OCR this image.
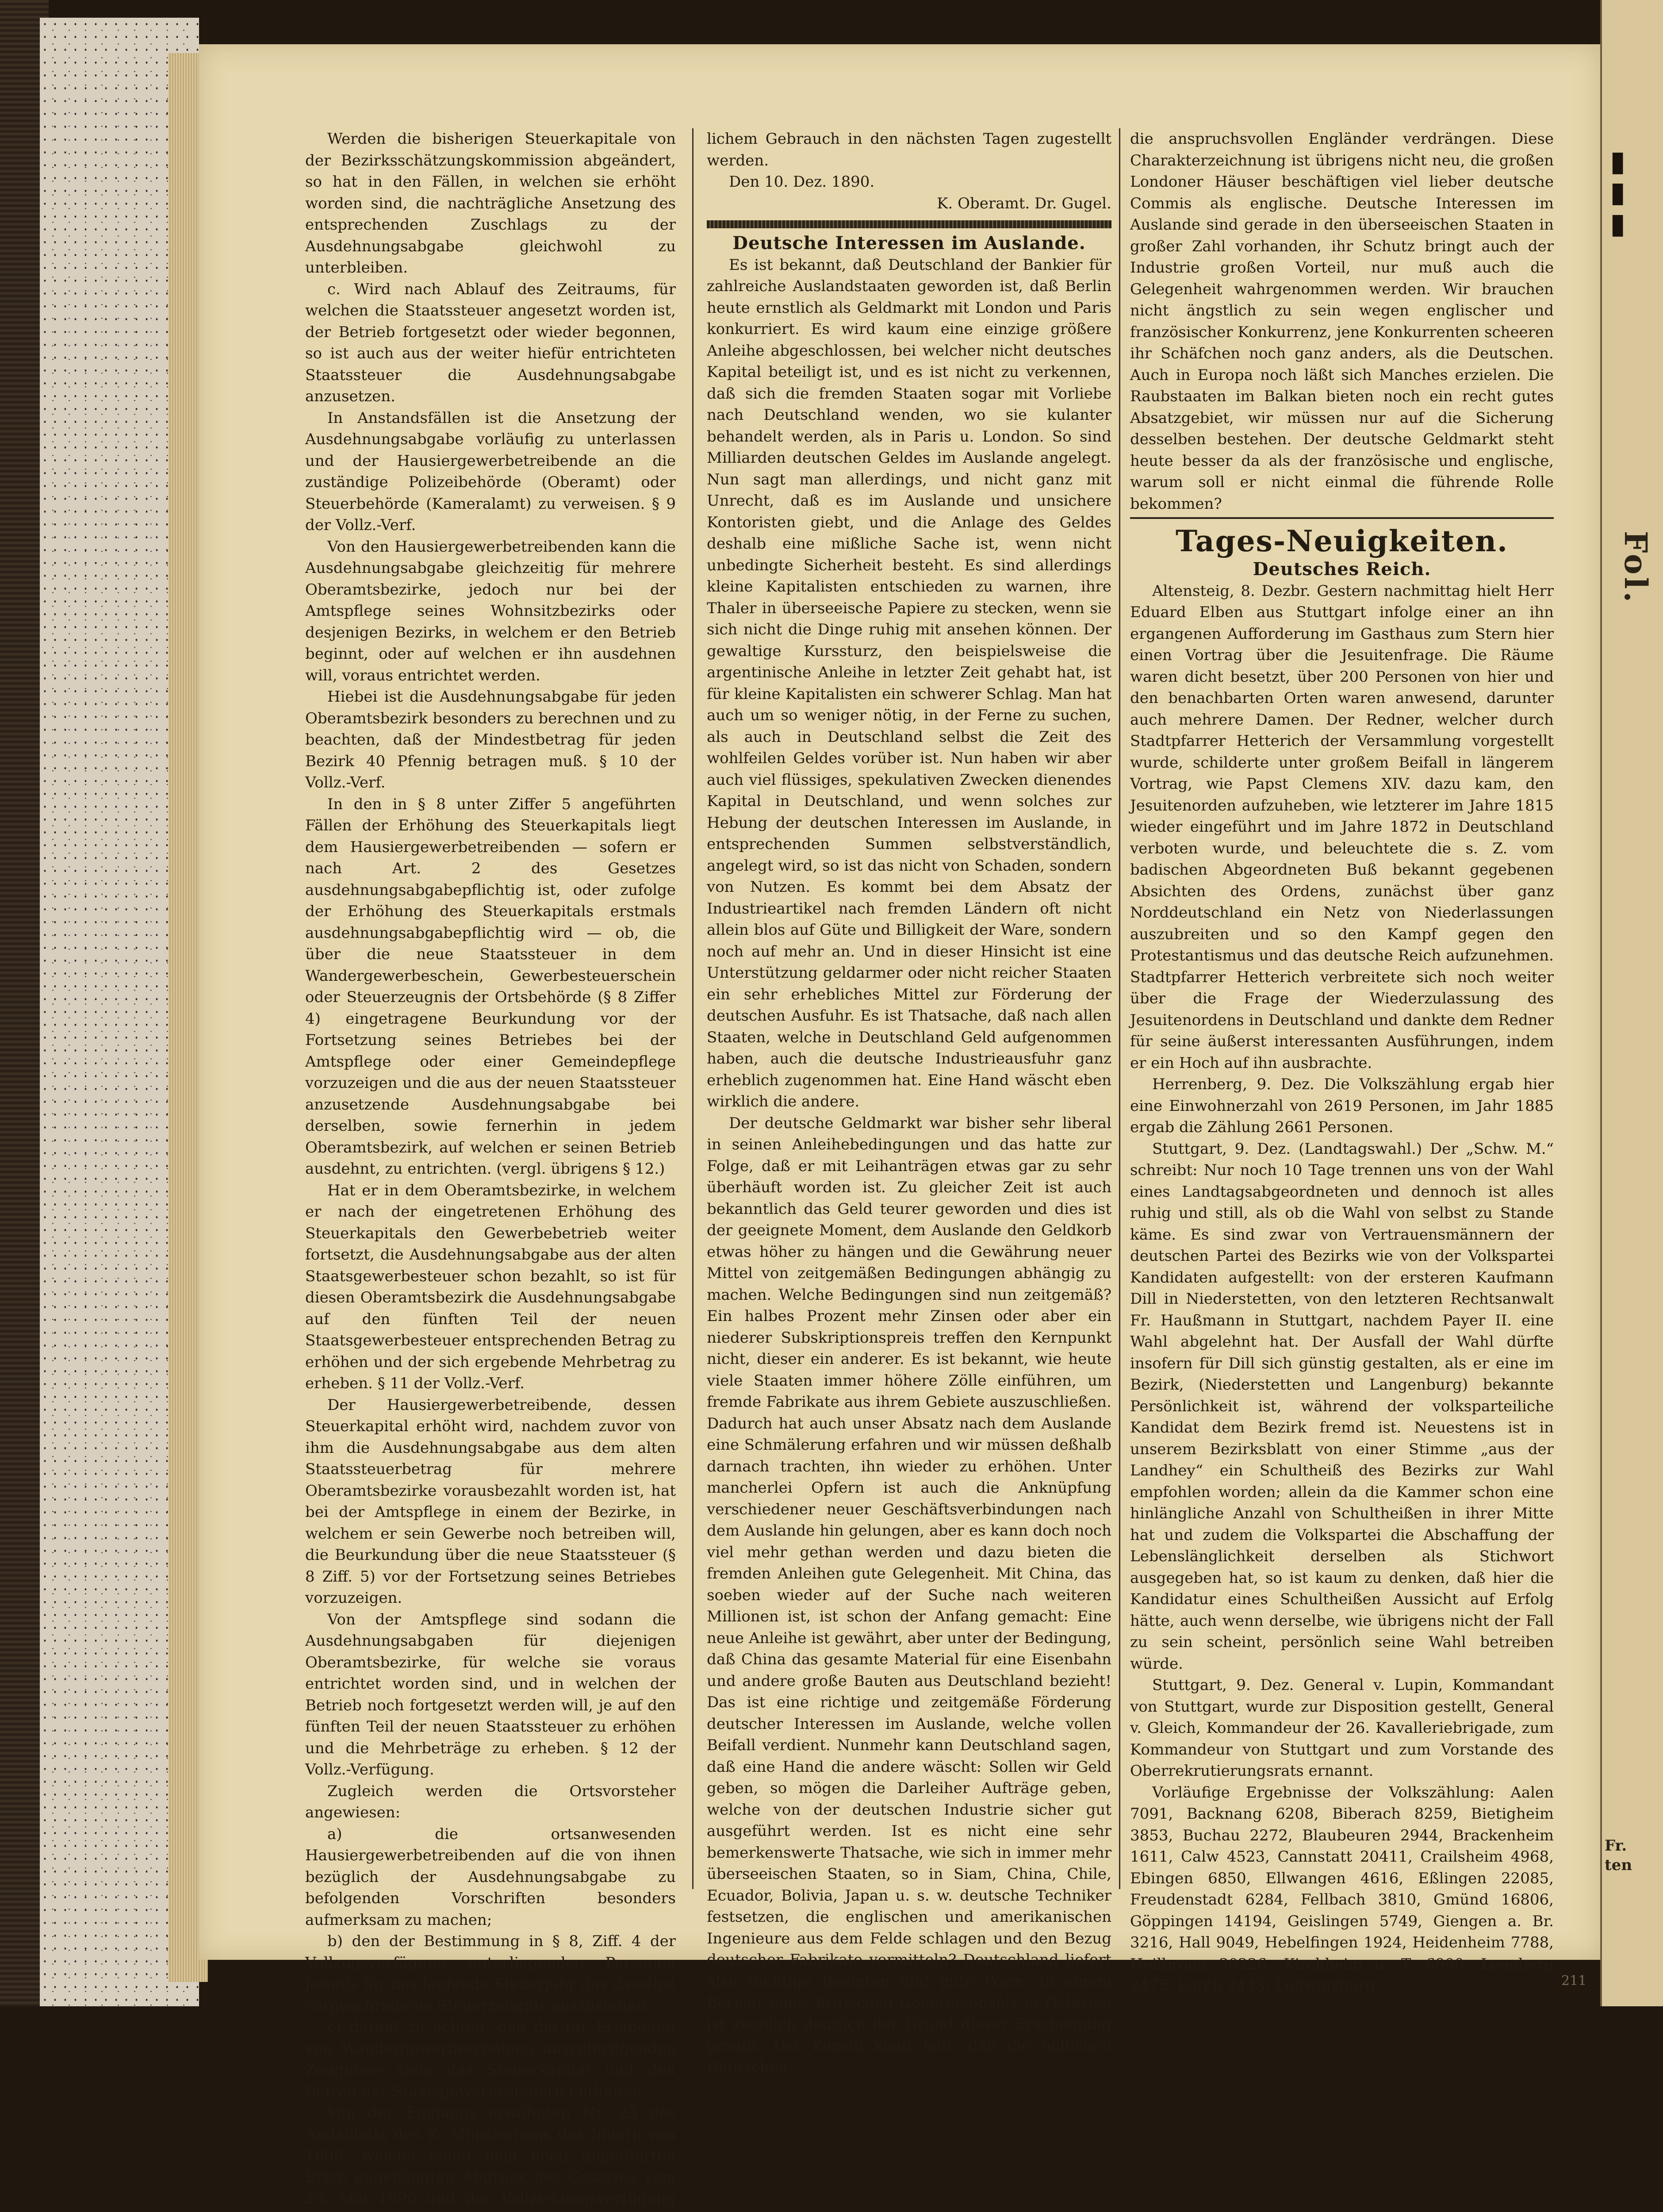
▮
▮
▮
Fr.
ten

Werden die bisherigen Steuerkapitale von der Bezirksschätzungskommission abgeändert, so hat in den Fällen, in welchen sie erhöht worden sind, die nachträgliche Ansetzung des entsprechenden Zuschlags zu der Ausdehnungsabgabe gleichwohl zu unterbleiben.

c. Wird nach Ablauf des Zeitraums, für welchen die Staatssteuer angesetzt worden ist, der Betrieb fortgesetzt oder wieder begonnen, so ist auch aus der weiter hiefür entrichteten Staatssteuer die Ausdehnungsabgabe anzusetzen.

In Anstandsfällen ist die Ansetzung der Ausdehnungsabgabe vorläufig zu unterlassen und der Hausiergewerbetreibende an die zuständige Polizeibehörde (Oberamt) oder Steuerbehörde (Kameralamt) zu verweisen. § 9 der Vollz.-Verf.

Von den Hausiergewerbetreibenden kann die Ausdehnungsabgabe gleichzeitig für mehrere Oberamtsbezirke, jedoch nur bei der Amtspflege seines Wohnsitzbezirks oder desjenigen Bezirks, in welchem er den Betrieb beginnt, oder auf welchen er ihn ausdehnen will, voraus entrichtet werden.

Hiebei ist die Ausdehnungsabgabe für jeden Oberamtsbezirk besonders zu berechnen und zu beachten, daß der Mindestbetrag für jeden Bezirk 40 Pfennig betragen muß. § 10 der Vollz.-Verf.

In den in § 8 unter Ziffer 5 angeführten Fällen der Erhöhung des Steuerkapitals liegt dem Hausiergewerbetreibenden — sofern er nach Art. 2 des Gesetzes ausdehnungsabgabepflichtig ist, oder zufolge der Erhöhung des Steuerkapitals erstmals ausdehnungsabgabepflichtig wird — ob, die über die neue Staatssteuer in dem Wandergewerbeschein, Gewerbesteuerschein oder Steuerzeugnis der Ortsbehörde (§ 8 Ziffer 4) eingetragene Beurkundung vor der Fortsetzung seines Betriebes bei der Amtspflege oder einer Gemeindepflege vorzuzeigen und die aus der neuen Staatssteuer anzusetzende Ausdehnungsabgabe bei derselben, sowie fernerhin in jedem Oberamtsbezirk, auf welchen er seinen Betrieb ausdehnt, zu entrichten. (vergl. übrigens § 12.)

Hat er in dem Oberamtsbezirke, in welchem er nach der eingetretenen Erhöhung des Steuerkapitals den Gewerbebetrieb weiter fortsetzt, die Ausdehnungsabgabe aus der alten Staatsgewerbesteuer schon bezahlt, so ist für diesen Oberamtsbezirk die Ausdehnungsabgabe auf den fünften Teil der neuen Staatsgewerbesteuer entsprechenden Betrag zu erhöhen und der sich ergebende Mehrbetrag zu erheben. § 11 der Vollz.-Verf.

Der Hausiergewerbetreibende, dessen Steuerkapital erhöht wird, nachdem zuvor von ihm die Ausdehnungsabgabe aus dem alten Staatssteuerbetrag für mehrere Oberamtsbezirke vorausbezahlt worden ist, hat bei der Amtspflege in einem der Bezirke, in welchem er sein Gewerbe noch betreiben will, die Beurkundung über die neue Staatssteuer (§ 8 Ziff. 5) vor der Fortsetzung seines Betriebes vorzuzeigen.

Von der Amtspflege sind sodann die Ausdehnungsabgaben für diejenigen Oberamtsbezirke, für welche sie voraus entrichtet worden sind, und in welchen der Betrieb noch fortgesetzt werden will, je auf den fünften Teil der neuen Staatssteuer zu erhöhen und die Mehrbeträge zu erheben. § 12 der Vollz.-Verfügung.

Zugleich werden die Ortsvorsteher angewiesen:

a) die ortsanwesenden Hausiergewerbetreibenden auf die von ihnen bezüglich der Ausdehnungsabgabe zu befolgenden Vorschriften besonders aufmerksam zu machen;

b) den der Bestimmung in § 8, Ziff. 4 der Vollzugsverfügung unterliegenden Personen jeweils für das laufende Steuerjahr das daselbst vorgeschriebene Steuerzeugnis auszustellen;

c) darauf zu achten, daß die für Erlangung von Wandergewerbescheinen auszufertigenden Zeugnisse stets das Steuerkapital und den Betrag der Staatsgewerbesteuern enthalten.

Von der Eingangs erwähnten Nr. 23 des Amtsblatts des K. Ministeriums des Innern von 1890, welche einen dem oben angeführten Erlaß angehängten Abdruck des Gesetzes vom 23. Mai 1890 und der Vollziehungsverfügung

lichem Gebrauch in den nächsten Tagen zugestellt werden.

Den 10. Dez. 1890.

K. Oberamt. Dr. Gugel.

Deutsche Interessen im Auslande.

Es ist bekannt, daß Deutschland der Bankier für zahlreiche Auslandstaaten geworden ist, daß Berlin heute ernstlich als Geldmarkt mit London und Paris konkurriert. Es wird kaum eine einzige größere Anleihe abgeschlossen, bei welcher nicht deutsches Kapital beteiligt ist, und es ist nicht zu verkennen, daß sich die fremden Staaten sogar mit Vorliebe nach Deutschland wenden, wo sie kulanter behandelt werden, als in Paris u. London. So sind Milliarden deutschen Geldes im Auslande angelegt. Nun sagt man allerdings, und nicht ganz mit Unrecht, daß es im Auslande und unsichere Kontoristen giebt, und die Anlage des Geldes deshalb eine mißliche Sache ist, wenn nicht unbedingte Sicherheit besteht. Es sind allerdings kleine Kapitalisten entschieden zu warnen, ihre Thaler in überseeische Papiere zu stecken, wenn sie sich nicht die Dinge ruhig mit ansehen können. Der gewaltige Kurssturz, den beispielsweise die argentinische Anleihe in letzter Zeit gehabt hat, ist für kleine Kapitalisten ein schwerer Schlag. Man hat auch um so weniger nötig, in der Ferne zu suchen, als auch in Deutschland selbst die Zeit des wohlfeilen Geldes vorüber ist. Nun haben wir aber auch viel flüssiges, spekulativen Zwecken dienendes Kapital in Deutschland, und wenn solches zur Hebung der deutschen Interessen im Auslande, in entsprechenden Summen selbstverständlich, angelegt wird, so ist das nicht von Schaden, sondern von Nutzen. Es kommt bei dem Absatz der Industrieartikel nach fremden Ländern oft nicht allein blos auf Güte und Billigkeit der Ware, sondern noch auf mehr an. Und in dieser Hinsicht ist eine Unterstützung geldarmer oder nicht reicher Staaten ein sehr erhebliches Mittel zur Förderung der deutschen Ausfuhr. Es ist Thatsache, daß nach allen Staaten, welche in Deutschland Geld aufgenommen haben, auch die deutsche Industrieausfuhr ganz erheblich zugenommen hat. Eine Hand wäscht eben wirklich die andere.

Der deutsche Geldmarkt war bisher sehr liberal in seinen Anleihebedingungen und das hatte zur Folge, daß er mit Leihanträgen etwas gar zu sehr überhäuft worden ist. Zu gleicher Zeit ist auch bekanntlich das Geld teurer geworden und dies ist der geeignete Moment, dem Auslande den Geldkorb etwas höher zu hängen und die Gewährung neuer Mittel von zeitgemäßen Bedingungen abhängig zu machen. Welche Bedingungen sind nun zeitgemäß? Ein halbes Prozent mehr Zinsen oder aber ein niederer Subskriptionspreis treffen den Kernpunkt nicht, dieser ein anderer. Es ist bekannt, wie heute viele Staaten immer höhere Zölle einführen, um fremde Fabrikate aus ihrem Gebiete auszuschließen. Dadurch hat auch unser Absatz nach dem Auslande eine Schmälerung erfahren und wir müssen deßhalb darnach trachten, ihn wieder zu erhöhen. Unter mancherlei Opfern ist auch die Anknüpfung verschiedener neuer Geschäftsverbindungen nach dem Auslande hin gelungen, aber es kann doch noch viel mehr gethan werden und dazu bieten die fremden Anleihen gute Gelegenheit. Mit China, das soeben wieder auf der Suche nach weiteren Millionen ist, ist schon der Anfang gemacht: Eine neue Anleihe ist gewährt, aber unter der Bedingung, daß China das gesamte Material für eine Eisenbahn und andere große Bauten aus Deutschland bezieht! Das ist eine richtige und zeitgemäße Förderung deutscher Interessen im Auslande, welche vollen Beifall verdient. Nunmehr kann Deutschland sagen, daß eine Hand die andere wäscht: Sollen wir Geld geben, so mögen die Darleiher Aufträge geben, welche von der deutschen Industrie sicher gut ausgeführt werden. Ist es nicht eine sehr bemerkenswerte Thatsache, wie sich in immer mehr überseeischen Staaten, so in Siam, China, Chile, Ecuador, Bolivia, Japan u. s. w. deutsche Techniker festsetzen, die englischen und amerikanischen Ingenieure aus dem Felde schlagen und den Bezug deutscher Fabrikate vermitteln? Deutschland liefert also tüchtige Beamten und gute Ware. In einem Bericht eines britischen Generalkonsuls in Ostasien ist ziemlich deutlich der Grund dieser Erscheinung gesagt. Der Konsul klagt laut, daß die höflichen Deutschen

die anspruchsvollen Engländer verdrängen. Diese Charakterzeichnung ist übrigens nicht neu, die großen Londoner Häuser beschäftigen viel lieber deutsche Commis als englische. Deutsche Interessen im Auslande sind gerade in den überseeischen Staaten in großer Zahl vorhanden, ihr Schutz bringt auch der Industrie großen Vorteil, nur muß auch die Gelegenheit wahrgenommen werden. Wir brauchen nicht ängstlich zu sein wegen englischer und französischer Konkurrenz, jene Konkurrenten scheeren ihr Schäfchen noch ganz anders, als die Deutschen. Auch in Europa noch läßt sich Manches erzielen. Die Raubstaaten im Balkan bieten noch ein recht gutes Absatzgebiet, wir müssen nur auf die Sicherung desselben bestehen. Der deutsche Geldmarkt steht heute besser da als der französische und englische, warum soll er nicht einmal die führende Rolle bekommen?

Tages-Neuigkeiten.

Deutsches Reich.

Altensteig, 8. Dezbr. Gestern nachmittag hielt Herr Eduard Elben aus Stuttgart infolge einer an ihn ergangenen Aufforderung im Gasthaus zum Stern hier einen Vortrag über die Jesuitenfrage. Die Räume waren dicht besetzt, über 200 Personen von hier und den benachbarten Orten waren anwesend, darunter auch mehrere Damen. Der Redner, welcher durch Stadtpfarrer Hetterich der Versammlung vorgestellt wurde, schilderte unter großem Beifall in längerem Vortrag, wie Papst Clemens XIV. dazu kam, den Jesuitenorden aufzuheben, wie letzterer im Jahre 1815 wieder eingeführt und im Jahre 1872 in Deutschland verboten wurde, und beleuchtete die s. Z. vom badischen Abgeordneten Buß bekannt gegebenen Absichten des Ordens, zunächst über ganz Norddeutschland ein Netz von Niederlassungen auszubreiten und so den Kampf gegen den Protestantismus und das deutsche Reich aufzunehmen. Stadtpfarrer Hetterich verbreitete sich noch weiter über die Frage der Wiederzulassung des Jesuitenordens in Deutschland und dankte dem Redner für seine äußerst interessanten Ausführungen, indem er ein Hoch auf ihn ausbrachte.

Herrenberg, 9. Dez. Die Volkszählung ergab hier eine Einwohnerzahl von 2619 Personen, im Jahr 1885 ergab die Zählung 2661 Personen.

Stuttgart, 9. Dez. (Landtagswahl.) Der „Schw. M.“ schreibt: Nur noch 10 Tage trennen uns von der Wahl eines Landtagsabgeordneten und dennoch ist alles ruhig und still, als ob die Wahl von selbst zu Stande käme. Es sind zwar von Vertrauensmännern der deutschen Partei des Bezirks wie von der Volkspartei Kandidaten aufgestellt: von der ersteren Kaufmann Dill in Niederstetten, von den letzteren Rechtsanwalt Fr. Haußmann in Stuttgart, nachdem Payer II. eine Wahl abgelehnt hat. Der Ausfall der Wahl dürfte insofern für Dill sich günstig gestalten, als er eine im Bezirk, (Niederstetten und Langenburg) bekannte Persönlichkeit ist, während der volksparteiliche Kandidat dem Bezirk fremd ist. Neuestens ist in unserem Bezirksblatt von einer Stimme „aus der Landhey“ ein Schultheiß des Bezirks zur Wahl empfohlen worden; allein da die Kammer schon eine hinlängliche Anzahl von Schultheißen in ihrer Mitte hat und zudem die Volkspartei die Abschaffung der Lebenslänglichkeit derselben als Stichwort ausgegeben hat, so ist kaum zu denken, daß hier die Kandidatur eines Schultheißen Aussicht auf Erfolg hätte, auch wenn derselbe, wie übrigens nicht der Fall zu sein scheint, persönlich seine Wahl betreiben würde.

Stuttgart, 9. Dez. General v. Lupin, Kommandant von Stuttgart, wurde zur Disposition gestellt, General v. Gleich, Kommandeur der 26. Kavalleriebrigade, zum Kommandeur von Stuttgart und zum Vorstande des Oberrekrutierungsrats ernannt.

Vorläufige Ergebnisse der Volkszählung: Aalen 7091, Backnang 6208, Biberach 8259, Bietigheim 3853, Buchau 2272, Blaubeuren 2944, Brackenheim 1611, Calw 4523, Cannstatt 20411, Crailsheim 4968, Ebingen 6850, Ellwangen 4616, Eßlingen 22085, Freudenstadt 6284, Fellbach 3810, Gmünd 16806, Göppingen 14194, Geislingen 5749, Giengen a. Br. 3216, Hall 9049, Hebelfingen 1924, Heidenheim 7788, Heilbronn 30226, Kirchheim u. T. 6900, Leonberg 2475, Lorch 2443, Ludwigsburg

Fol.
211
